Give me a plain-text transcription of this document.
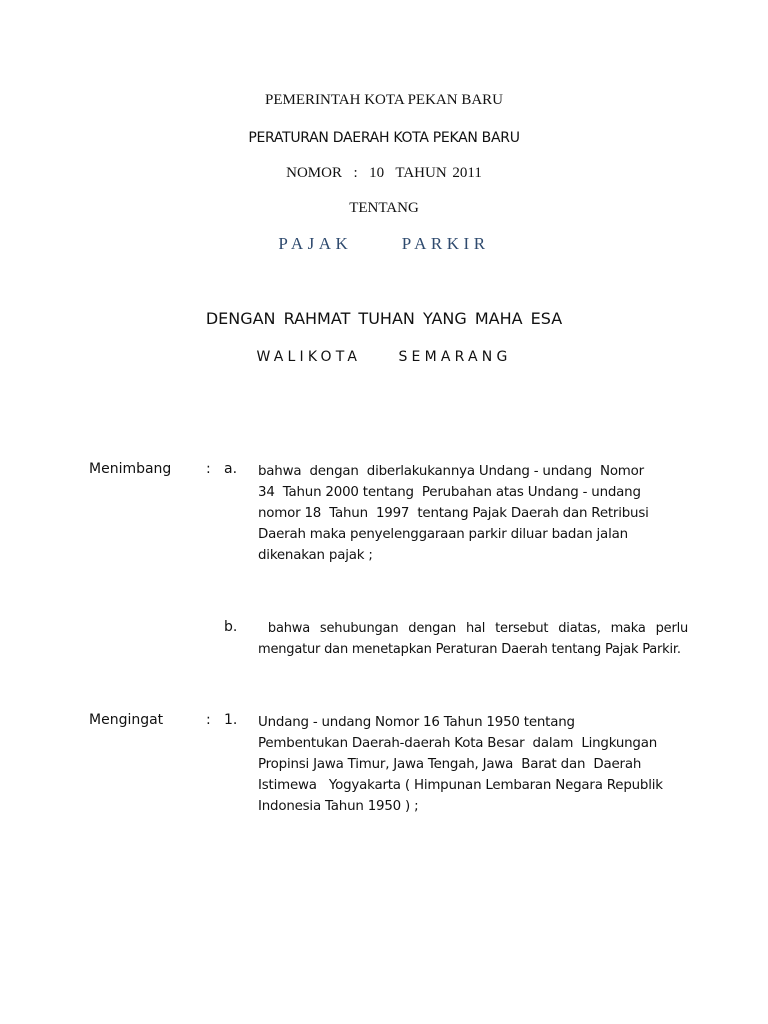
PEMERINTAH KOTA PEKAN BARU
PERATURAN DAERAH KOTA PEKAN BARU
NOMOR  :  10  TAHUN 2011
TENTANG
PAJAK  PARKIR
DENGAN RAHMAT TUHAN YANG MAHA ESA
WALIKOTA  SEMARANG
Menimbang : a. bahwa  dengan  diberlakukannya Undang - undang  Nomor
34  Tahun 2000 tentang  Perubahan atas Undang - undang
nomor 18  Tahun  1997  tentang Pajak Daerah dan Retribusi
Daerah maka penyelenggaraan parkir diluar badan jalan
dikenakan pajak ;
b. bahwa sehubungan dengan hal tersebut diatas, maka perlu
mengatur dan menetapkan Peraturan Daerah tentang Pajak Parkir.
Mengingat	: 1. Undang - undang Nomor 16 Tahun 1950 tentang
Pembentukan Daerah-daerah Kota Besar  dalam  Lingkungan
Propinsi Jawa Timur, Jawa Tengah, Jawa  Barat dan  Daerah
Istimewa   Yogyakarta ( Himpunan Lembaran Negara Republik
Indonesia Tahun 1950 ) ;
